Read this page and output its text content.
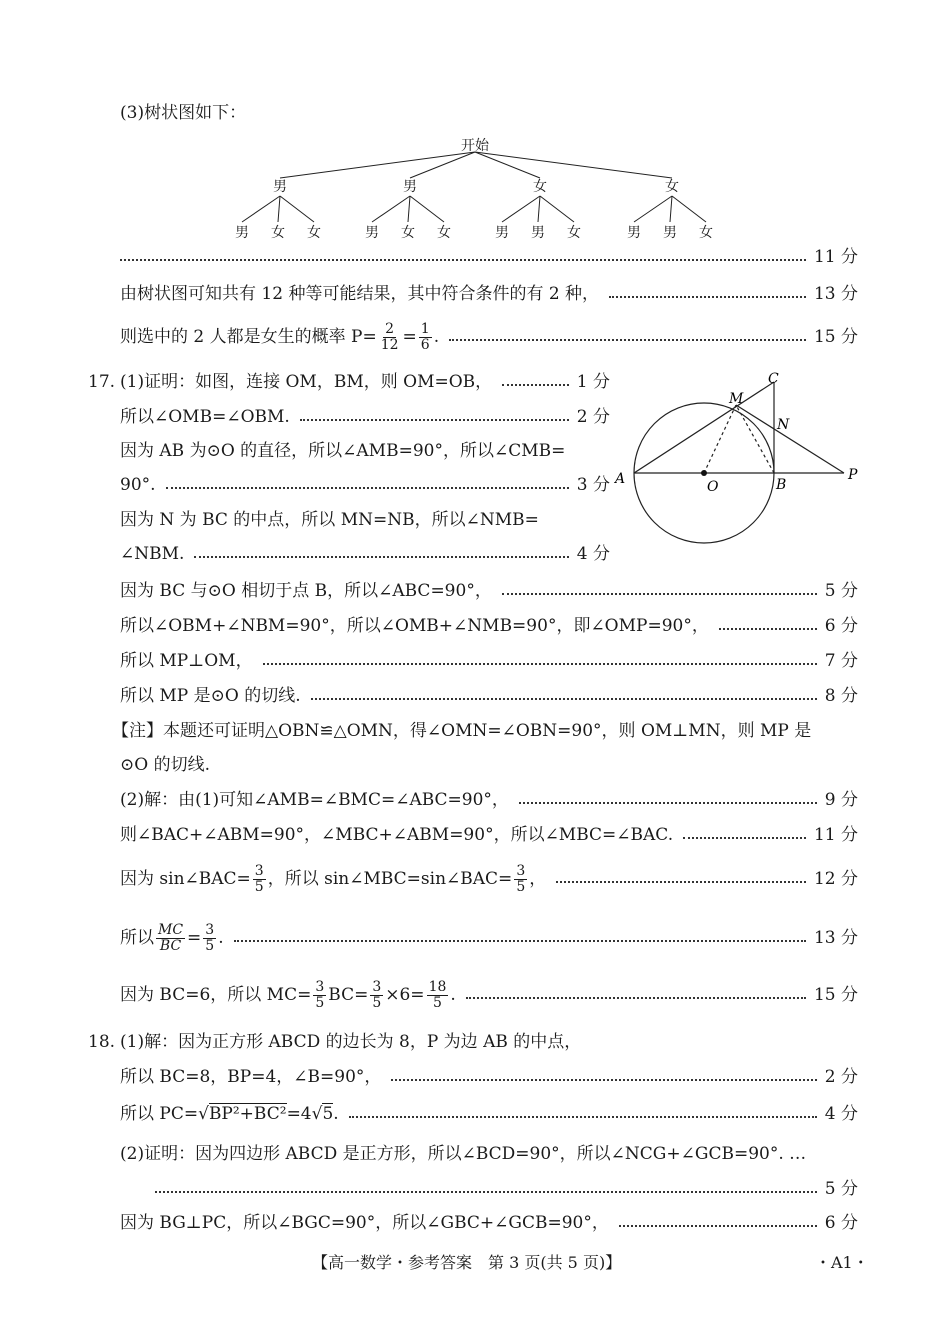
(3)树状图如下：
开始
男	男	女	女
男 女 女	男 女 女	男 男 女	男 男 女
11 分
由树状图可知共有 12 种等可能结果，其中符合条件的有 2 种，	13 分
则选中的 2 人都是女生的概率 $P= \frac{2}{12} = \frac{1}{6}$ .	15 分
17. (1)证明：如图，连接 OM，BM，则 OM=OB，	1 分
所以∠OMB=∠OBM.	2 分
因为 AB 为⊙O 的直径，所以∠AMB=90°，所以∠CMB=
90°.	3 分
因为 N 为 BC 的中点，所以 MN=NB，所以∠NMB=
∠NBM.	4 分
A	B
C
M
N
O
P
因为 BC 与⊙O 相切于点 B，所以∠ABC=90°，	5 分
所以∠OBM+∠NBM=90°，所以∠OMB+∠NMB=90°，即∠OMP=90°，	6 分
所以 MP⊥OM，	7 分
所以 MP 是⊙O 的切线.	8 分
【注】本题还可证明△OBN≌△OMN，得∠OMN=∠OBN=90°，则 OM⊥MN，则 MP 是
⊙O 的切线.
(2)解：由(1)可知∠AMB=∠BMC=∠ABC=90°，	9 分
则∠BAC+∠ABM=90°，∠MBC+∠ABM=90°，所以∠MBC=∠BAC.	11 分
因为 sin∠BAC= $\frac{3}{5}$ ，所以 sin∠MBC=sin∠BAC= $\frac{3}{5}$ ，	12 分
所以 $\frac{MC}{BC} = \frac{3}{5}$ .	13 分
因为 BC=6，所以 $MC= \frac{3}{5} BC= \frac{3}{5} \times 6= \frac{18}{5}$ .	15 分
18. (1)解：因为正方形 ABCD 的边长为 8，P 为边 AB 的中点，
所以 BC=8，BP=4，∠B=90°，	2 分
所以 PC=√BP²+BC²=4√5.	4 分
(2)证明：因为四边形 ABCD 是正方形，所以∠BCD=90°，所以∠NCG+∠GCB=90°. …
5 分
因为 BG⊥PC，所以∠BGC=90°，所以∠GBC+∠GCB=90°，	6 分
【高一数学・参考答案　第 3 页(共 5 页)】	・A1・
